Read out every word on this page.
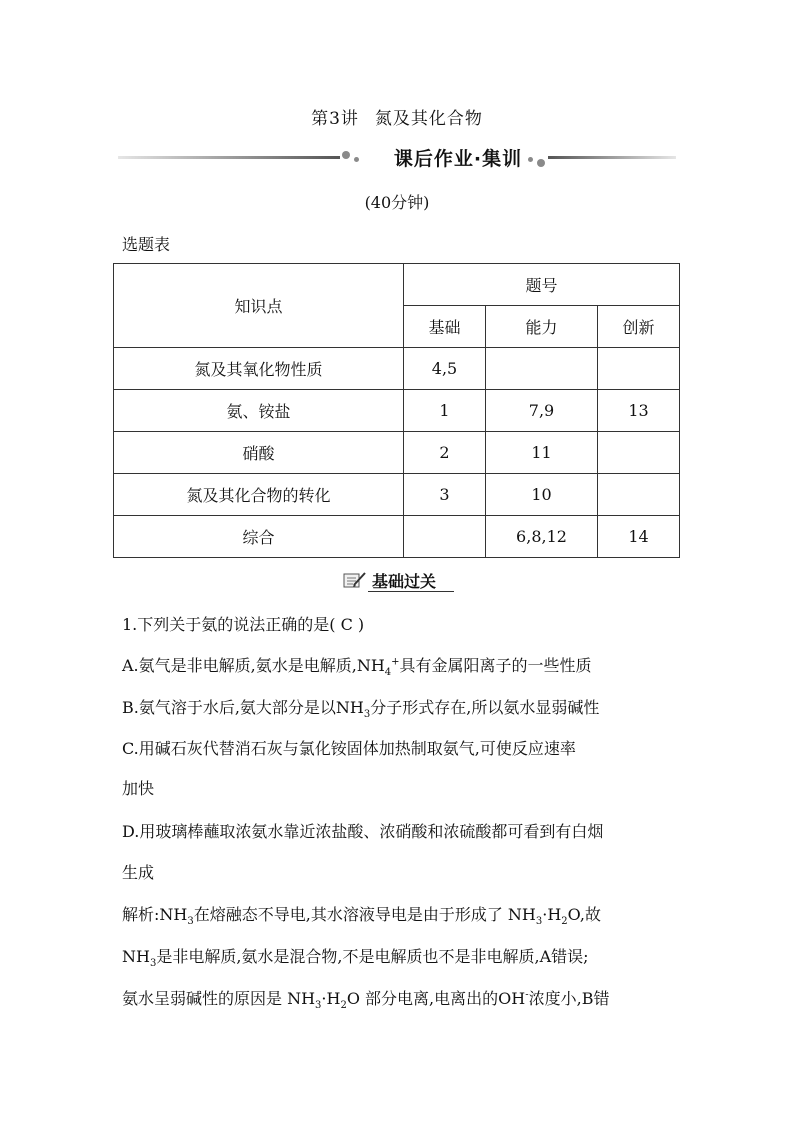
第3讲 氮及其化合物
课后作业·集训
(40分钟)
选题表
知识点	题号		
	基础	能力	创新
氮及其氧化物性质	4,5		
氨、铵盐	1	7,9	13
硝酸	2	11	
氮及其化合物的转化	3	10	
综合		6,8,12	14
基础过关
1.下列关于氨的说法正确的是( C )
A.氨气是非电解质,氨水是电解质$,NH_4^+$具有金属阳离子的一些性质
B.氨气溶于水后,氨大部分是以$NH_3$分子形式存在,所以氨水显弱碱性
C.用碱石灰代替消石灰与氯化铵固体加热制取氨气,可使反应速率
加快
D.用玻璃棒蘸取浓氨水靠近浓盐酸、浓硝酸和浓硫酸都可看到有白烟
生成
解析$:NH_3$在熔融态不导电,其水溶液导电是由于形成了 $NH_3\cdot H_2O$,故
$NH_3$是非电解质,氨水是混合物,不是电解质也不是非电解质,A错误;
氨水呈弱碱性的原因是 $NH_3\cdot H_2O$ 部分电离,电离出的OH-浓度小,B错
